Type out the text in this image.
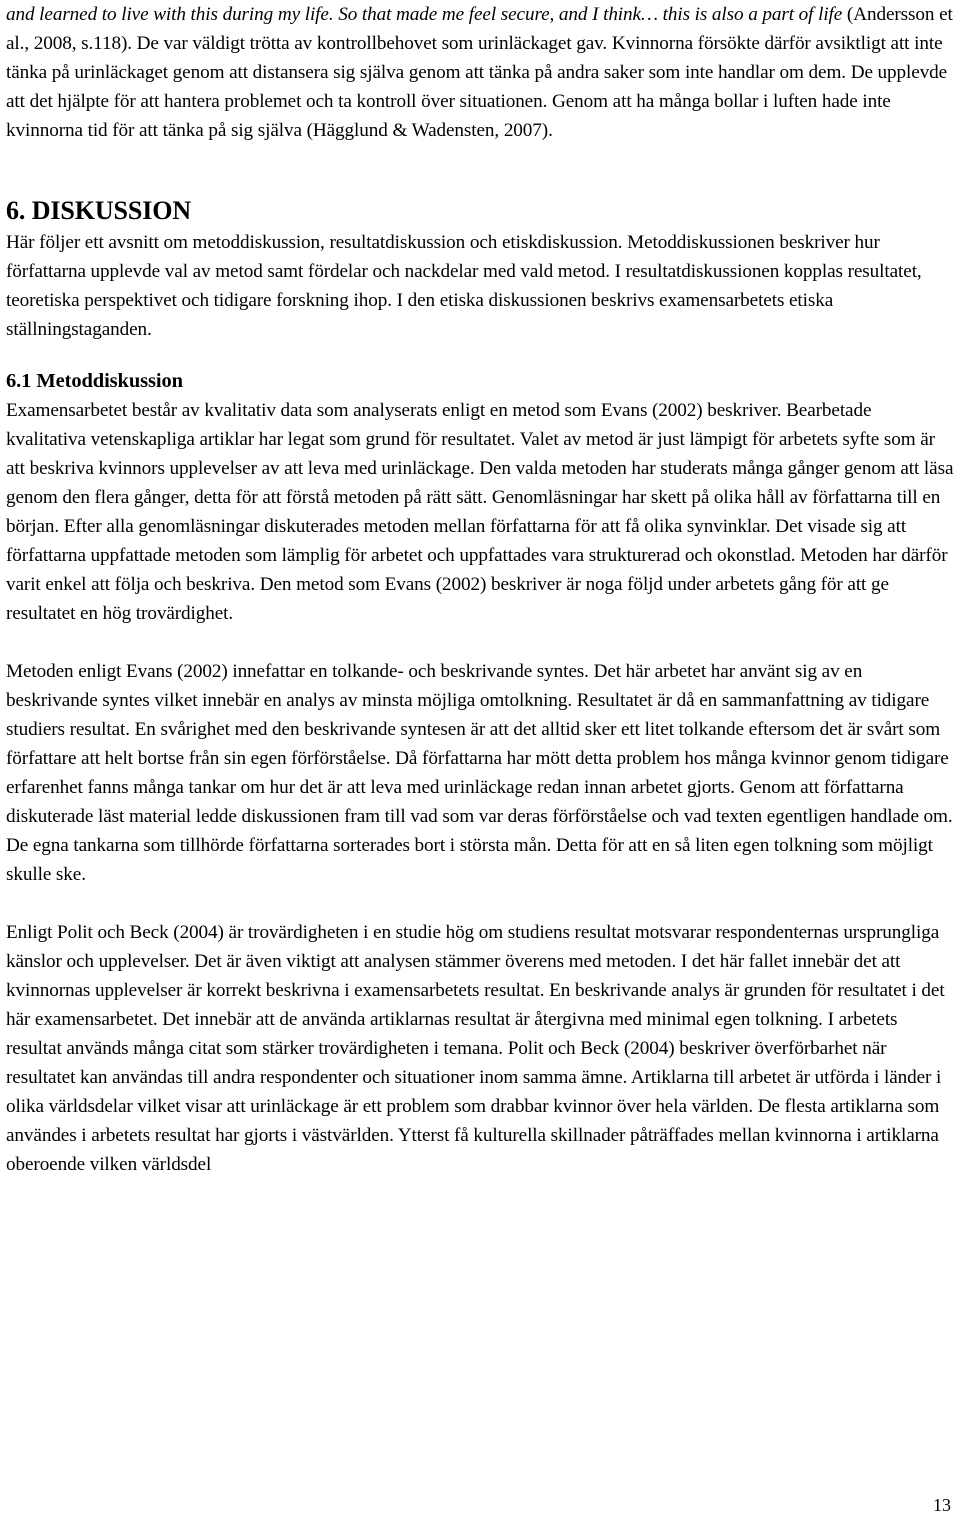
and learned to live with this during my life. So that made me feel secure, and I think… this is also a part of life (Andersson et al., 2008, s.118). De var väldigt trötta av kontrollbehovet som urinläckaget gav. Kvinnorna försökte därför avsiktligt att inte tänka på urinläckaget genom att distansera sig själva genom att tänka på andra saker som inte handlar om dem. De upplevde att det hjälpte för att hantera problemet och ta kontroll över situationen. Genom att ha många bollar i luften hade inte kvinnorna tid för att tänka på sig själva (Hägglund & Wadensten, 2007).

6. DISKUSSION

Här följer ett avsnitt om metoddiskussion, resultatdiskussion och etiskdiskussion. Metoddiskussionen beskriver hur författarna upplevde val av metod samt fördelar och nackdelar med vald metod. I resultatdiskussionen kopplas resultatet, teoretiska perspektivet och tidigare forskning ihop. I den etiska diskussionen beskrivs examensarbetets etiska ställningstaganden.

6.1 Metoddiskussion

Examensarbetet består av kvalitativ data som analyserats enligt en metod som Evans (2002) beskriver. Bearbetade kvalitativa vetenskapliga artiklar har legat som grund för resultatet. Valet av metod är just lämpigt för arbetets syfte som är att beskriva kvinnors upplevelser av att leva med urinläckage. Den valda metoden har studerats många gånger genom att läsa genom den flera gånger, detta för att förstå metoden på rätt sätt. Genomläsningar har skett på olika håll av författarna till en början. Efter alla genomläsningar diskuterades metoden mellan författarna för att få olika synvinklar. Det visade sig att författarna uppfattade metoden som lämplig för arbetet och uppfattades vara strukturerad och okonstlad. Metoden har därför varit enkel att följa och beskriva. Den metod som Evans (2002) beskriver är noga följd under arbetets gång för att ge resultatet en hög trovärdighet.

Metoden enligt Evans (2002) innefattar en tolkande- och beskrivande syntes. Det här arbetet har använt sig av en beskrivande syntes vilket innebär en analys av minsta möjliga omtolkning. Resultatet är då en sammanfattning av tidigare studiers resultat. En svårighet med den beskrivande syntesen är att det alltid sker ett litet tolkande eftersom det är svårt som författare att helt bortse från sin egen förförståelse. Då författarna har mött detta problem hos många kvinnor genom tidigare erfarenhet fanns många tankar om hur det är att leva med urinläckage redan innan arbetet gjorts. Genom att författarna diskuterade läst material ledde diskussionen fram till vad som var deras förförståelse och vad texten egentligen handlade om. De egna tankarna som tillhörde författarna sorterades bort i största mån. Detta för att en så liten egen tolkning som möjligt skulle ske.

Enligt Polit och Beck (2004) är trovärdigheten i en studie hög om studiens resultat motsvarar respondenternas ursprungliga känslor och upplevelser. Det är även viktigt att analysen stämmer överens med metoden. I det här fallet innebär det att kvinnornas upplevelser är korrekt beskrivna i examensarbetets resultat. En beskrivande analys är grunden för resultatet i det här examensarbetet. Det innebär att de använda artiklarnas resultat är återgivna med minimal egen tolkning. I arbetets resultat används många citat som stärker trovärdigheten i temana. Polit och Beck (2004) beskriver överförbarhet när resultatet kan användas till andra respondenter och situationer inom samma ämne. Artiklarna till arbetet är utförda i länder i olika världsdelar vilket visar att urinläckage är ett problem som drabbar kvinnor över hela världen. De flesta artiklarna som användes i arbetets resultat har gjorts i västvärlden. Ytterst få kulturella skillnader påträffades mellan kvinnorna i artiklarna oberoende vilken världsdel

13
